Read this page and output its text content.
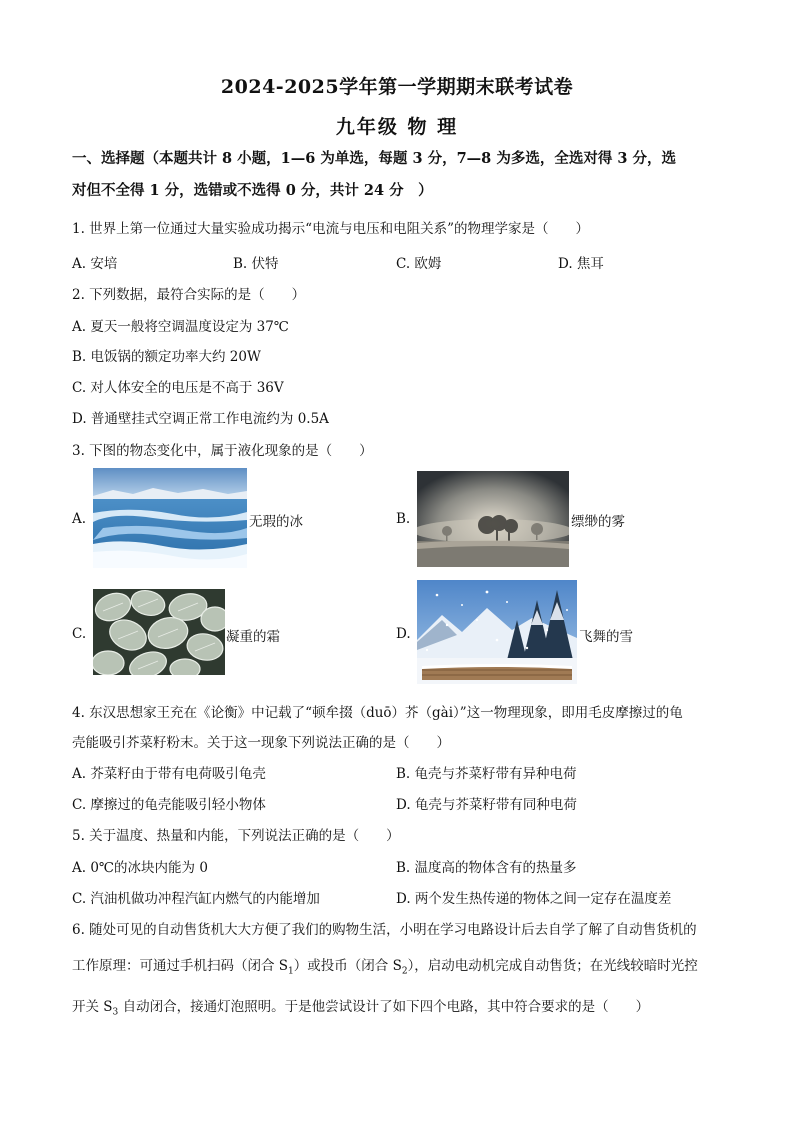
2024-2025学年第一学期期末联考试卷
九年级 物 理
一、选择题（本题共计 8 小题，1—6 为单选，每题 3 分，7—8 为多选，全选对得 3 分，选
对但不全得 1 分，选错或不选得 0 分，共计 24 分　）
1. 世界上第一位通过大量实验成功揭示“电流与电压和电阻关系”的物理学家是（　　）
A. 安培	B. 伏特	C. 欧姆	D. 焦耳
2. 下列数据，最符合实际的是（　　）
A. 夏天一般将空调温度设定为 37℃
B. 电饭锅的额定功率大约 20W
C. 对人体安全的电压是不高于 36V
D. 普通壁挂式空调正常工作电流约为 0.5A
3. 下图的物态变化中，属于液化现象的是（　　）
A.	无瑕的冰	B.	缥缈的雾
C.	凝重的霜	D.	飞舞的雪
4. 东汉思想家王充在《论衡》中记载了“顿牟掇（duō）芥（gài）”这一物理现象，即用毛皮摩擦过的龟
壳能吸引芥菜籽粉末。关于这一现象下列说法正确的是（　　）
A. 芥菜籽由于带有电荷吸引龟壳	B. 龟壳与芥菜籽带有异种电荷
C. 摩擦过的龟壳能吸引轻小物体	D. 龟壳与芥菜籽带有同种电荷
5. 关于温度、热量和内能，下列说法正确的是（　　）
A. 0℃的冰块内能为 0	B. 温度高的物体含有的热量多
C. 汽油机做功冲程汽缸内燃气的内能增加	D. 两个发生热传递的物体之间一定存在温度差
6. 随处可见的自动售货机大大方便了我们的购物生活，小明在学习电路设计后去自学了解了自动售货机的
工作原理：可通过手机扫码（闭合 $S_1$）或投币（闭合 $S_2$），启动电动机完成自动售货；在光线较暗时光控
开关 $S_3$ 自动闭合，接通灯泡照明。于是他尝试设计了如下四个电路，其中符合要求的是（　　）
